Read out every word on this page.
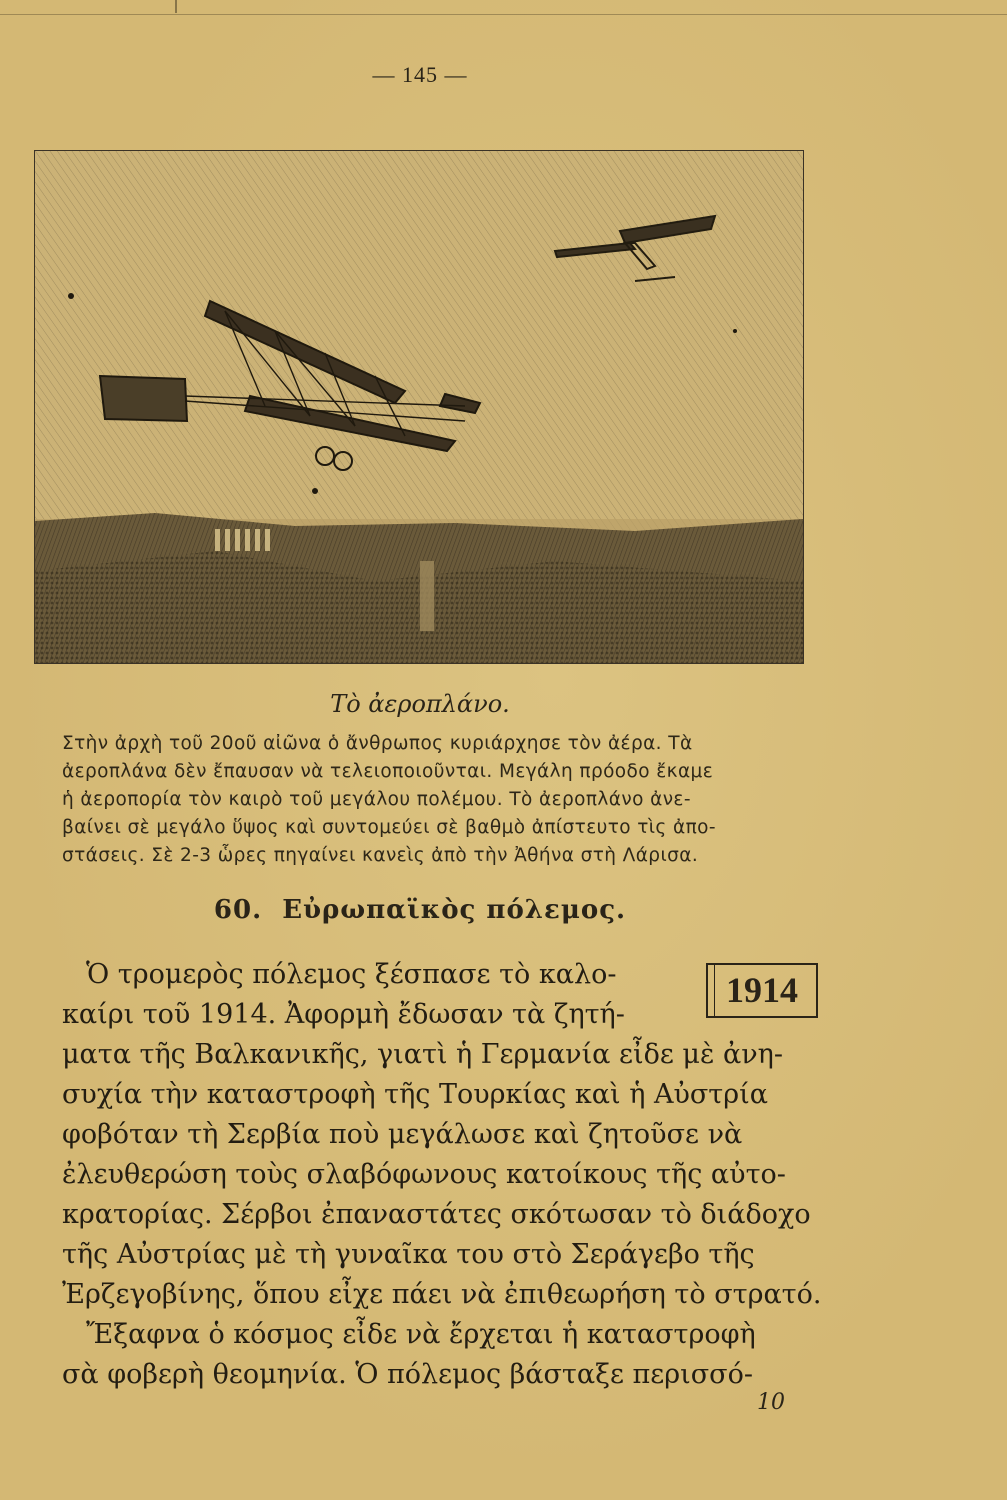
— 145 —
Τὸ ἀεροπλάνο.
Στὴν ἀρχὴ τοῦ 20οῦ αἰῶνα ὁ ἄνθρωπος κυριάρχησε τὸν ἀέρα. Τὰ
ἀεροπλάνα δὲν ἔπαυσαν νὰ τελειοποιοῦνται. Μεγάλη πρόοδο ἔκαμε
ἡ ἀεροπορία τὸν καιρὸ τοῦ μεγάλου πολέμου. Τὸ ἀεροπλάνο ἀνε-
βαίνει σὲ μεγάλο ὕψος καὶ συντομεύει σὲ βαθμὸ ἀπίστευτο τὶς ἀπο-
στάσεις. Σὲ 2-3 ὧρες πηγαίνει κανεὶς ἀπὸ τὴν Ἀθήνα στὴ Λάρισα.
60. Εὐρωπαϊκὸς πόλεμος.
1914
Ὁ τρομερὸς πόλεμος ξέσπασε τὸ καλο-
καίρι τοῦ 1914. Ἀφορμὴ ἔδωσαν τὰ ζητή-
ματα τῆς Βαλκανικῆς, γιατὶ ἡ Γερμανία εἶδε μὲ ἀνη-
συχία τὴν καταστροφὴ τῆς Τουρκίας καὶ ἡ Αὐστρία
φοβόταν τὴ Σερβία ποὺ μεγάλωσε καὶ ζητοῦσε νὰ
ἐλευθερώση τοὺς σλαβόφωνους κατοίκους τῆς αὐτο-
κρατορίας. Σέρβοι ἐπαναστάτες σκότωσαν τὸ διάδοχο
τῆς Αὐστρίας μὲ τὴ γυναῖκα του στὸ Σεράγεβο τῆς
Ἐρζεγοβίνης, ὅπου εἶχε πάει νὰ ἐπιθεωρήση τὸ στρατό.
Ἔξαφνα ὁ κόσμος εἶδε νὰ ἔρχεται ἡ καταστροφὴ
σὰ φοβερὴ θεομηνία. Ὁ πόλεμος βάσταξε περισσό-
10
